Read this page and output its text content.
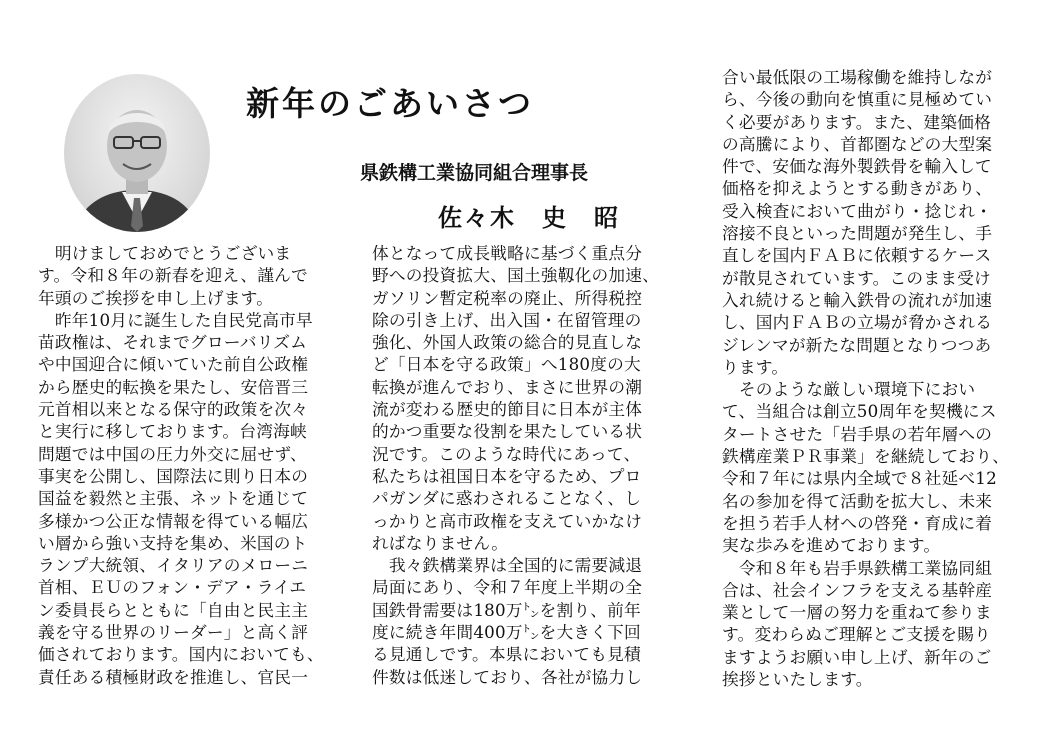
新年のごあいさつ
県鉄構工業協同組合理事長
佐々木　史　昭

　明けましておめでとうございま

す。令和８年の新春を迎え、謹んで

年頭のご挨拶を申し上げます。

　昨年10月に誕生した自民党高市早

苗政権は、それまでグローバリズム

や中国迎合に傾いていた前自公政権

から歴史的転換を果たし、安倍晋三

元首相以来となる保守的政策を次々

と実行に移しております。台湾海峡

問題では中国の圧力外交に屈せず、

事実を公開し、国際法に則り日本の

国益を毅然と主張、ネットを通じて

多様かつ公正な情報を得ている幅広

い層から強い支持を集め、米国のト

ランプ大統領、イタリアのメローニ

首相、ＥＵのフォン・デア・ライエ

ン委員長らとともに「自由と民主主

義を守る世界のリーダー」と高く評

価されております。国内においても、

責任ある積極財政を推進し、官民一

体となって成長戦略に基づく重点分

野への投資拡大、国土強靱化の加速、

ガソリン暫定税率の廃止、所得税控

除の引き上げ、出入国・在留管理の

強化、外国人政策の総合的見直しな

ど「日本を守る政策」へ180度の大

転換が進んでおり、まさに世界の潮

流が変わる歴史的節目に日本が主体

的かつ重要な役割を果たしている状

況です。このような時代にあって、

私たちは祖国日本を守るため、プロ

パガンダに惑わされることなく、し

っかりと高市政権を支えていかなけ

ればなりません。

　我々鉄構業界は全国的に需要減退

局面にあり、令和７年度上半期の全

国鉄骨需要は180万㌧を割り、前年

度に続き年間400万㌧を大きく下回

る見通しです。本県においても見積

件数は低迷しており、各社が協力し

合い最低限の工場稼働を維持しなが

ら、今後の動向を慎重に見極めてい

く必要があります。また、建築価格

の高騰により、首都圏などの大型案

件で、安価な海外製鉄骨を輸入して

価格を抑えようとする動きがあり、

受入検査において曲がり・捻じれ・

溶接不良といった問題が発生し、手

直しを国内ＦＡＢに依頼するケース

が散見されています。このまま受け

入れ続けると輸入鉄骨の流れが加速

し、国内ＦＡＢの立場が脅かされる

ジレンマが新たな問題となりつつあ

ります。

　そのような厳しい環境下におい

て、当組合は創立50周年を契機にス

タートさせた「岩手県の若年層への

鉄構産業ＰＲ事業」を継続しており、

令和７年には県内全域で８社延べ12

名の参加を得て活動を拡大し、未来

を担う若手人材への啓発・育成に着

実な歩みを進めております。

　令和８年も岩手県鉄構工業協同組

合は、社会インフラを支える基幹産

業として一層の努力を重ねて参りま

す。変わらぬご理解とご支援を賜り

ますようお願い申し上げ、新年のご

挨拶といたします。
